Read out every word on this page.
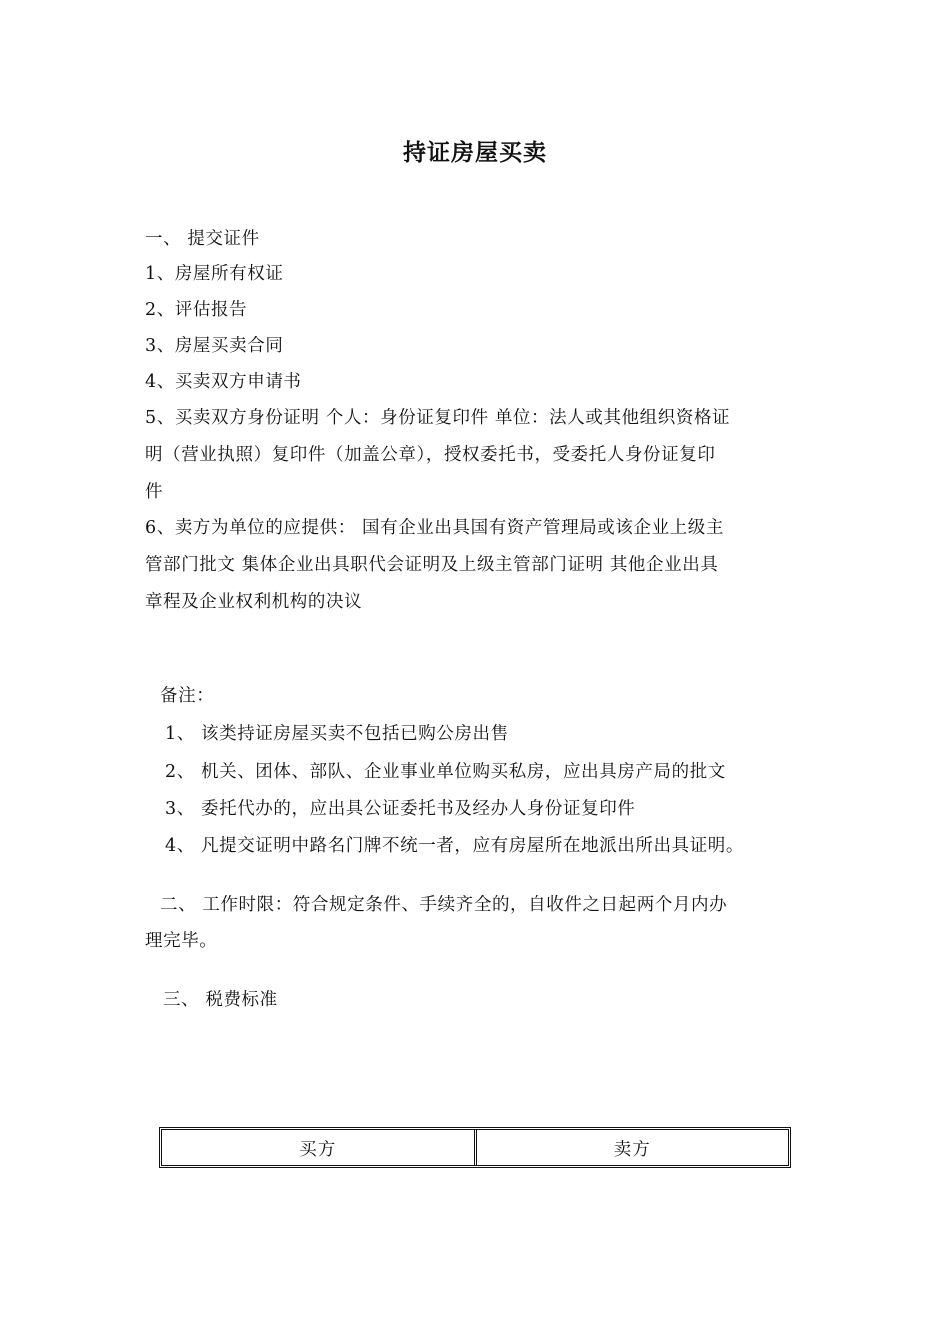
持证房屋买卖
一、 提交证件
1、房屋所有权证
2、评估报告
3、房屋买卖合同
4、买卖双方申请书
5、买卖双方身份证明 个人：身份证复印件 单位：法人或其他组织资格证
明（营业执照）复印件（加盖公章），授权委托书，受委托人身份证复印
件
6、卖方为单位的应提供： 国有企业出具国有资产管理局或该企业上级主
管部门批文 集体企业出具职代会证明及上级主管部门证明 其他企业出具
章程及企业权利机构的决议
备注：
1、 该类持证房屋买卖不包括已购公房出售
2、 机关、团体、部队、企业事业单位购买私房，应出具房产局的批文
3、 委托代办的，应出具公证委托书及经办人身份证复印件
4、 凡提交证明中路名门牌不统一者，应有房屋所在地派出所出具证明。
二、 工作时限：符合规定条件、手续齐全的，自收件之日起两个月内办
理完毕。
三、 税费标准
买方	卖方
